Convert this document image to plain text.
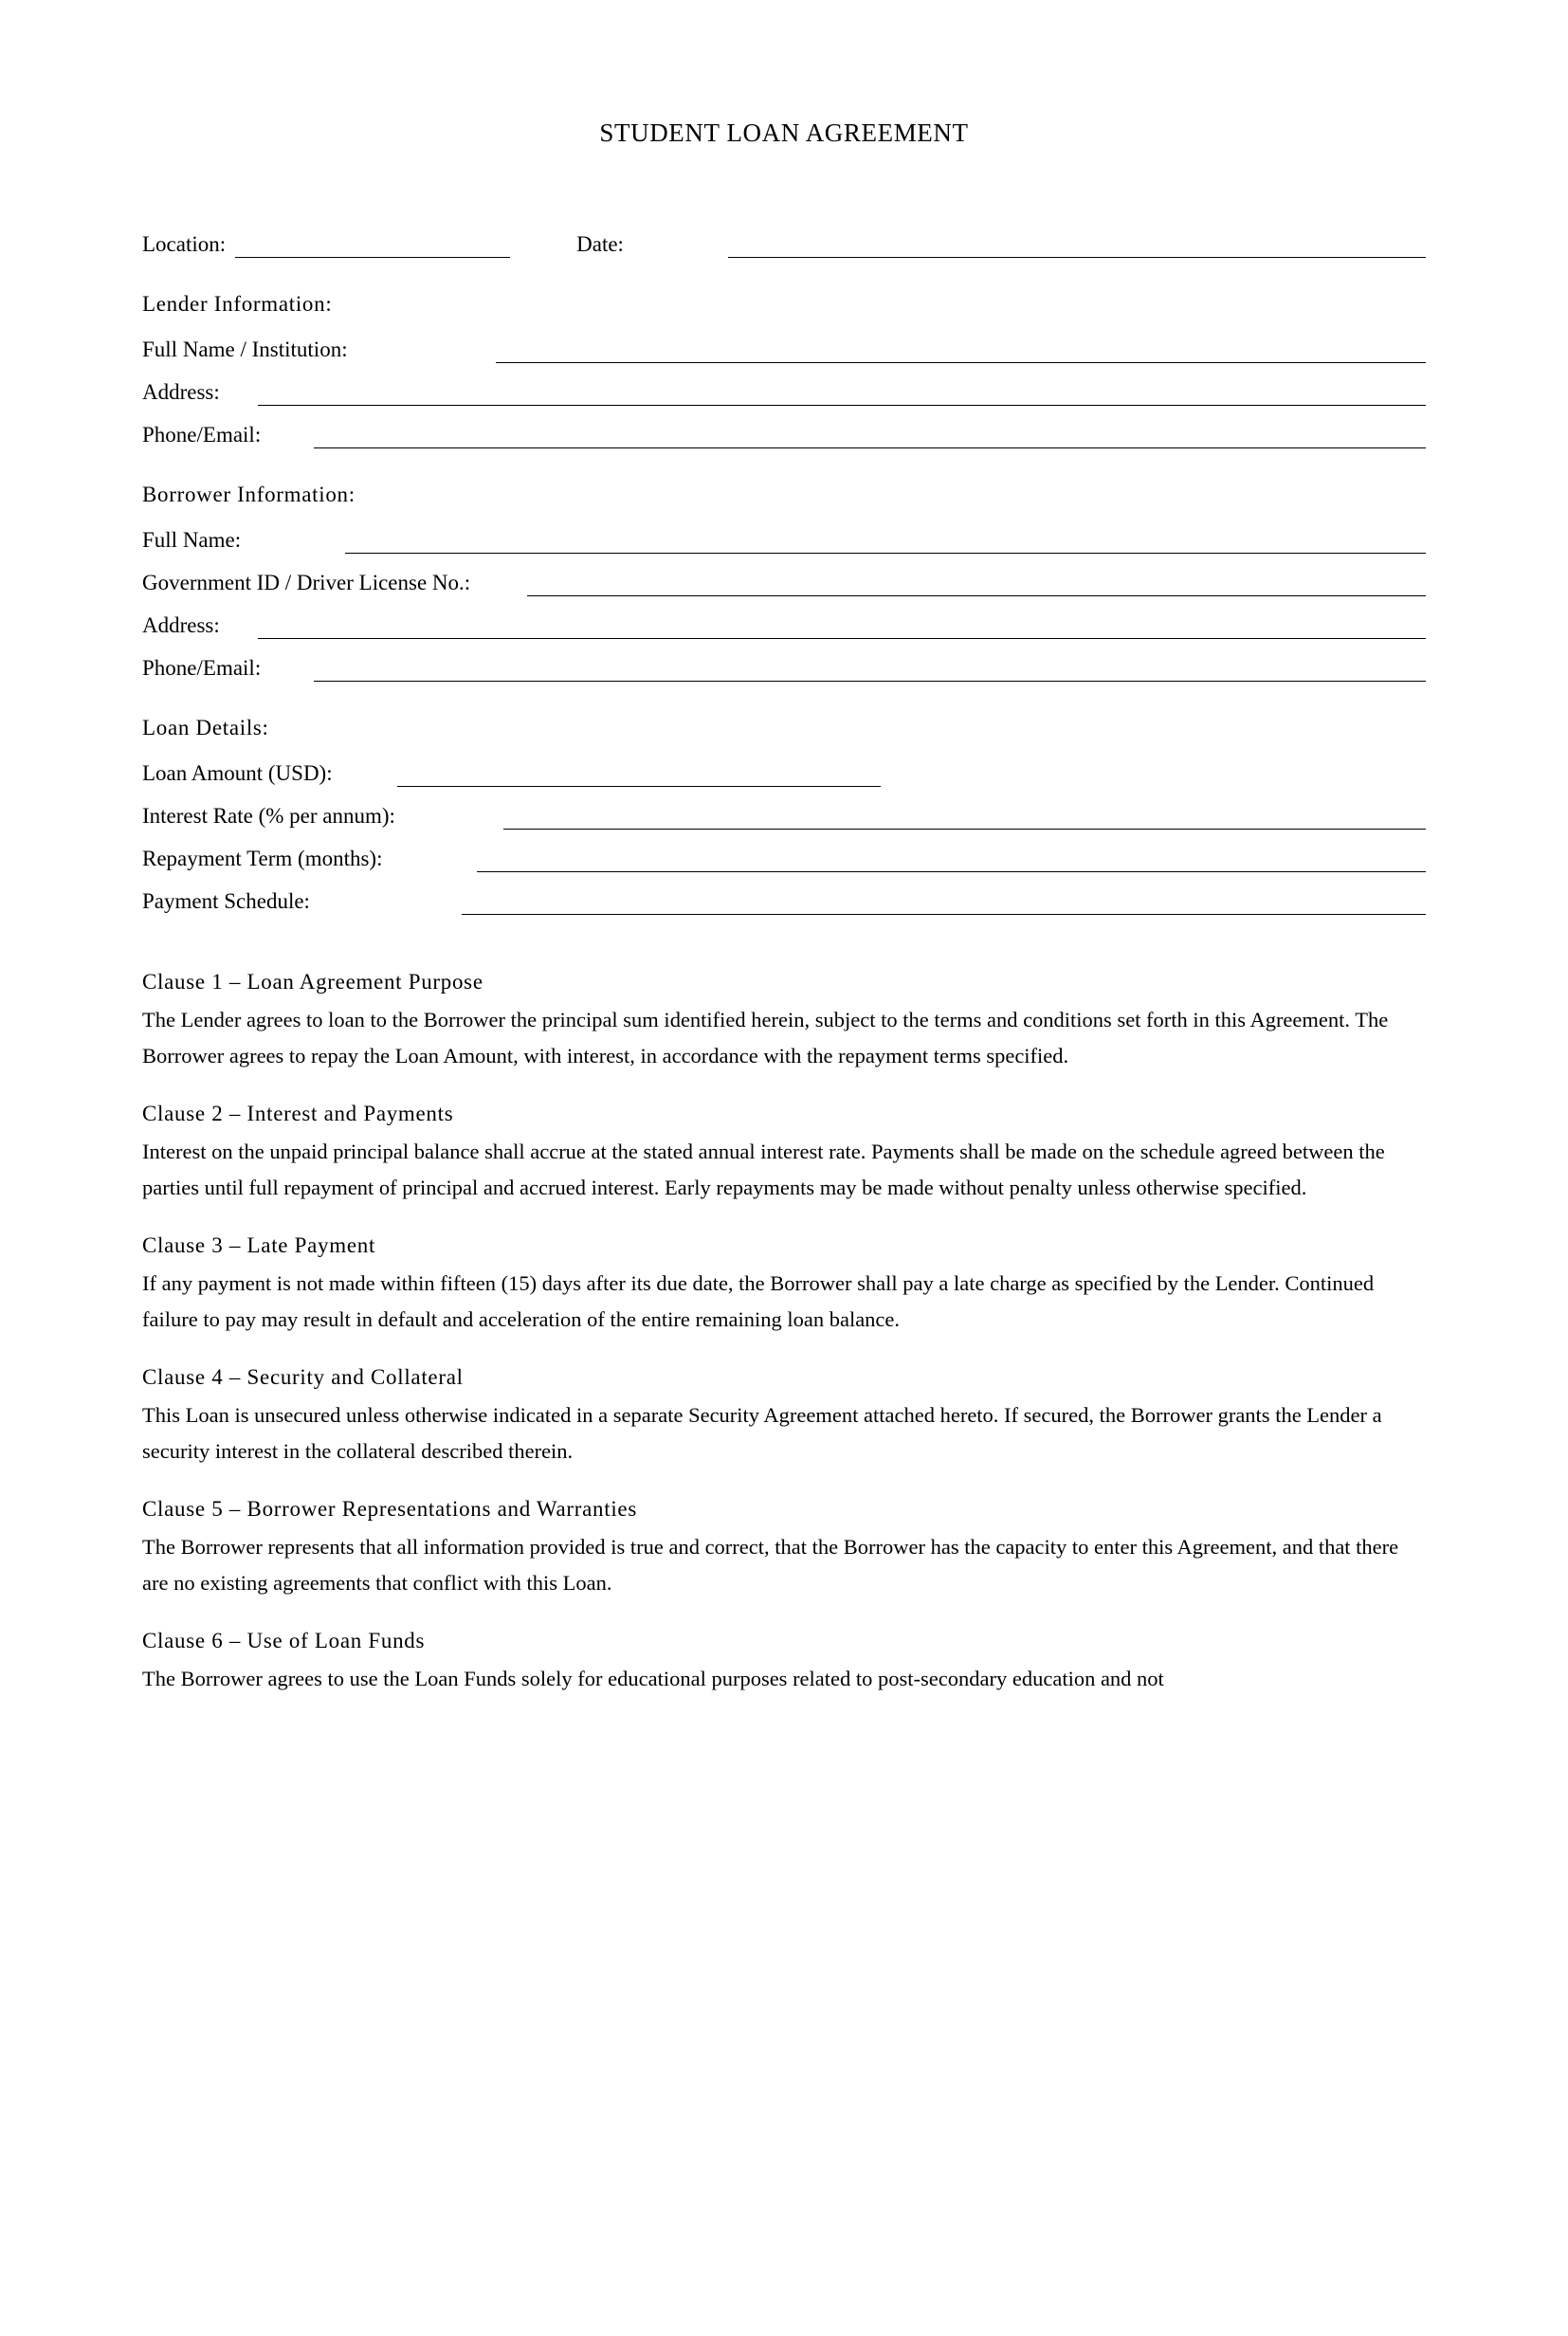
STUDENT LOAN AGREEMENT
Location:	Date:
Lender Information:
Full Name / Institution:
Address:
Phone/Email:
Borrower Information:
Full Name:
Government ID / Driver License No.:
Address:
Phone/Email:
Loan Details:
Loan Amount (USD):
Interest Rate (% per annum):
Repayment Term (months):
Payment Schedule:
Clause 1 – Loan Agreement Purpose
The Lender agrees to loan to the Borrower the principal sum identified herein, subject to the terms and conditions set forth in this Agreement. The Borrower agrees to repay the Loan Amount, with interest, in accordance with the repayment terms specified.
Clause 2 – Interest and Payments
Interest on the unpaid principal balance shall accrue at the stated annual interest rate. Payments shall be made on the schedule agreed between the parties until full repayment of principal and accrued interest. Early repayments may be made without penalty unless otherwise specified.
Clause 3 – Late Payment
If any payment is not made within fifteen (15) days after its due date, the Borrower shall pay a late charge as specified by the Lender. Continued failure to pay may result in default and acceleration of the entire remaining loan balance.
Clause 4 – Security and Collateral
This Loan is unsecured unless otherwise indicated in a separate Security Agreement attached hereto. If secured, the Borrower grants the Lender a security interest in the collateral described therein.
Clause 5 – Borrower Representations and Warranties
The Borrower represents that all information provided is true and correct, that the Borrower has the capacity to enter this Agreement, and that there are no existing agreements that conflict with this Loan.
Clause 6 – Use of Loan Funds
The Borrower agrees to use the Loan Funds solely for educational purposes related to post-secondary education and not
